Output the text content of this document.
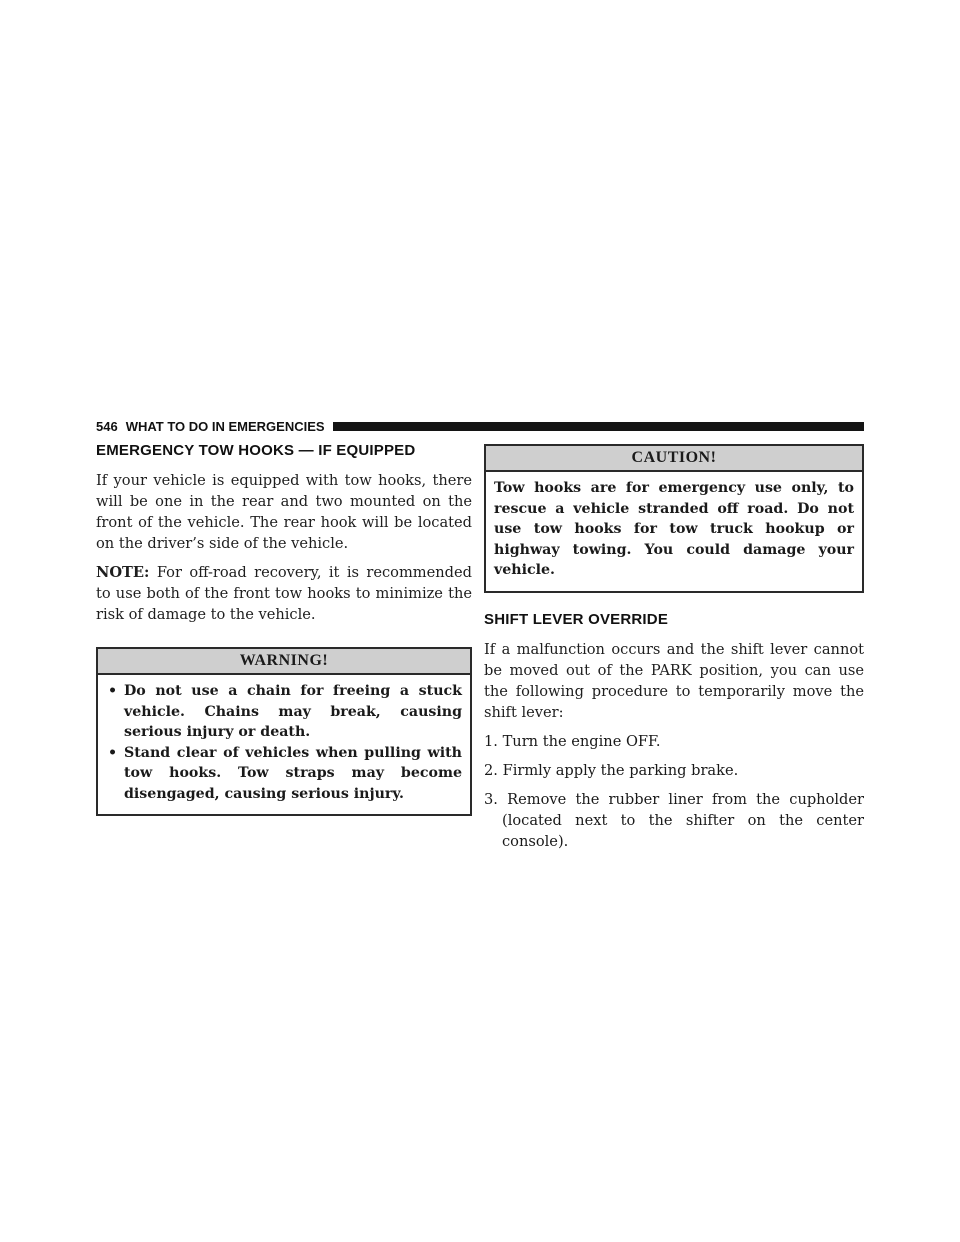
546 WHAT TO DO IN EMERGENCIES
EMERGENCY TOW HOOKS — IF EQUIPPED

If your vehicle is equipped with tow hooks, there will be one in the rear and two mounted on the front of the vehicle. The rear hook will be located on the driver’s side of the vehicle.

NOTE: For off-road recovery, it is recommended to use both of the front tow hooks to minimize the risk of damage to the vehicle.

WARNING!
• Do not use a chain for freeing a stuck vehicle. Chains may break, causing serious injury or death.
• Stand clear of vehicles when pulling with tow hooks. Tow straps may become disengaged, causing serious injury.
CAUTION!

Tow hooks are for emergency use only, to rescue a vehicle stranded off road. Do not use tow hooks for tow truck hookup or highway towing. You could damage your vehicle.

SHIFT LEVER OVERRIDE

If a malfunction occurs and the shift lever cannot be moved out of the PARK position, you can use the following procedure to temporarily move the shift lever:

1. Turn the engine OFF.
2. Firmly apply the parking brake.
3. Remove the rubber liner from the cupholder (located next to the shifter on the center console).
